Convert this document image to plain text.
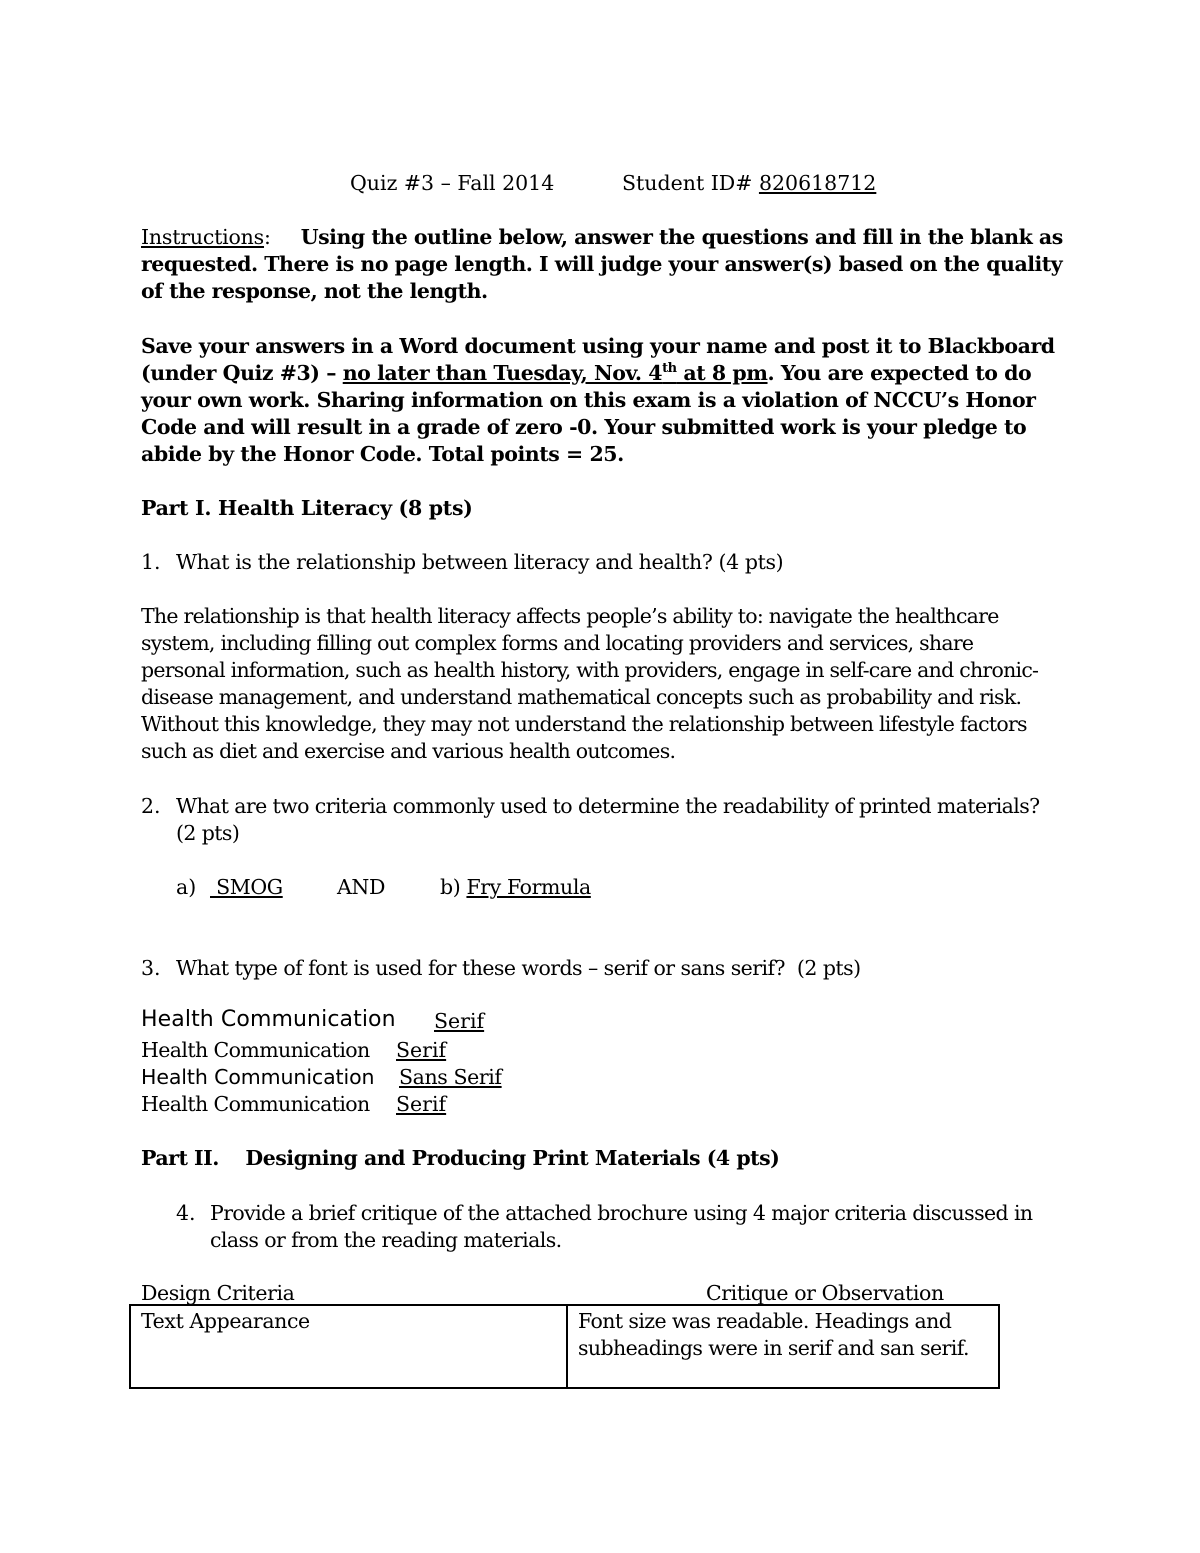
Quiz #3 – Fall 2014	Student ID# 820618712
Instructions: Using the outline below, answer the questions and fill in the blank as requested. There is no page length. I will judge your answer(s) based on the quality of the response, not the length.
Save your answers in a Word document using your name and post it to Blackboard (under Quiz #3) – no later than Tuesday, Nov. 4th at 8 pm. You are expected to do your own work. Sharing information on this exam is a violation of NCCU’s Honor Code and will result in a grade of zero -0. Your submitted work is your pledge to abide by the Honor Code. Total points = 25.
Part I. Health Literacy (8 pts)
1. What is the relationship between literacy and health? (4 pts)
The relationship is that health literacy affects people’s ability to: navigate the healthcare system, including filling out complex forms and locating providers and services, share personal information, such as health history, with providers, engage in self-care and chronic-disease management, and understand mathematical concepts such as probability and risk. Without this knowledge, they may not understand the relationship between lifestyle factors such as diet and exercise and various health outcomes.
2. What are two criteria commonly used to determine the readability of printed materials? (2 pts)
a) SMOG	AND	b) Fry Formula
3. What type of font is used for these words – serif or sans serif?  (2 pts)
Health Communication Serif
Health Communication Serif
Health Communication Sans Serif
Health Communication Serif
Part II.    Designing and Producing Print Materials (4 pts)
4. Provide a brief critique of the attached brochure using 4 major criteria discussed in class or from the reading materials.
Design Criteria	Critique or Observation
Text Appearance	Font size was readable. Headings and subheadings were in serif and san serif.
